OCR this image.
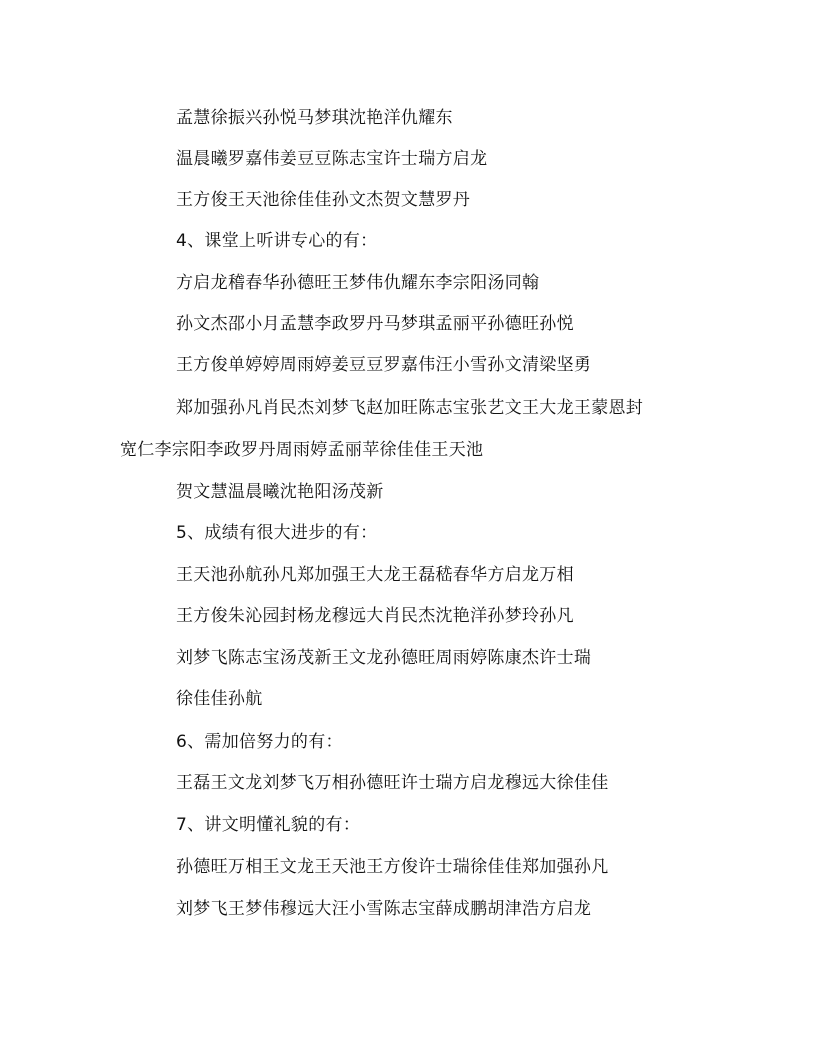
孟慧徐振兴孙悦马梦琪沈艳洋仇耀东
温晨曦罗嘉伟姜豆豆陈志宝许士瑞方启龙
王方俊王天池徐佳佳孙文杰贺文慧罗丹
4、课堂上听讲专心的有：
方启龙稽春华孙德旺王梦伟仇耀东李宗阳汤同翰
孙文杰邵小月孟慧李政罗丹马梦琪孟丽平孙德旺孙悦
王方俊单婷婷周雨婷姜豆豆罗嘉伟汪小雪孙文清梁坚勇
郑加强孙凡肖民杰刘梦飞赵加旺陈志宝张艺文王大龙王蒙恩封
宽仁李宗阳李政罗丹周雨婷孟丽苹徐佳佳王天池
贺文慧温晨曦沈艳阳汤茂新
5、成绩有很大进步的有：
王天池孙航孙凡郑加强王大龙王磊嵇春华方启龙万相
王方俊朱沁园封杨龙穆远大肖民杰沈艳洋孙梦玲孙凡
刘梦飞陈志宝汤茂新王文龙孙德旺周雨婷陈康杰许士瑞
徐佳佳孙航
6、需加倍努力的有：
王磊王文龙刘梦飞万相孙德旺许士瑞方启龙穆远大徐佳佳
7、讲文明懂礼貌的有：
孙德旺万相王文龙王天池王方俊许士瑞徐佳佳郑加强孙凡
刘梦飞王梦伟穆远大汪小雪陈志宝薛成鹏胡津浩方启龙
